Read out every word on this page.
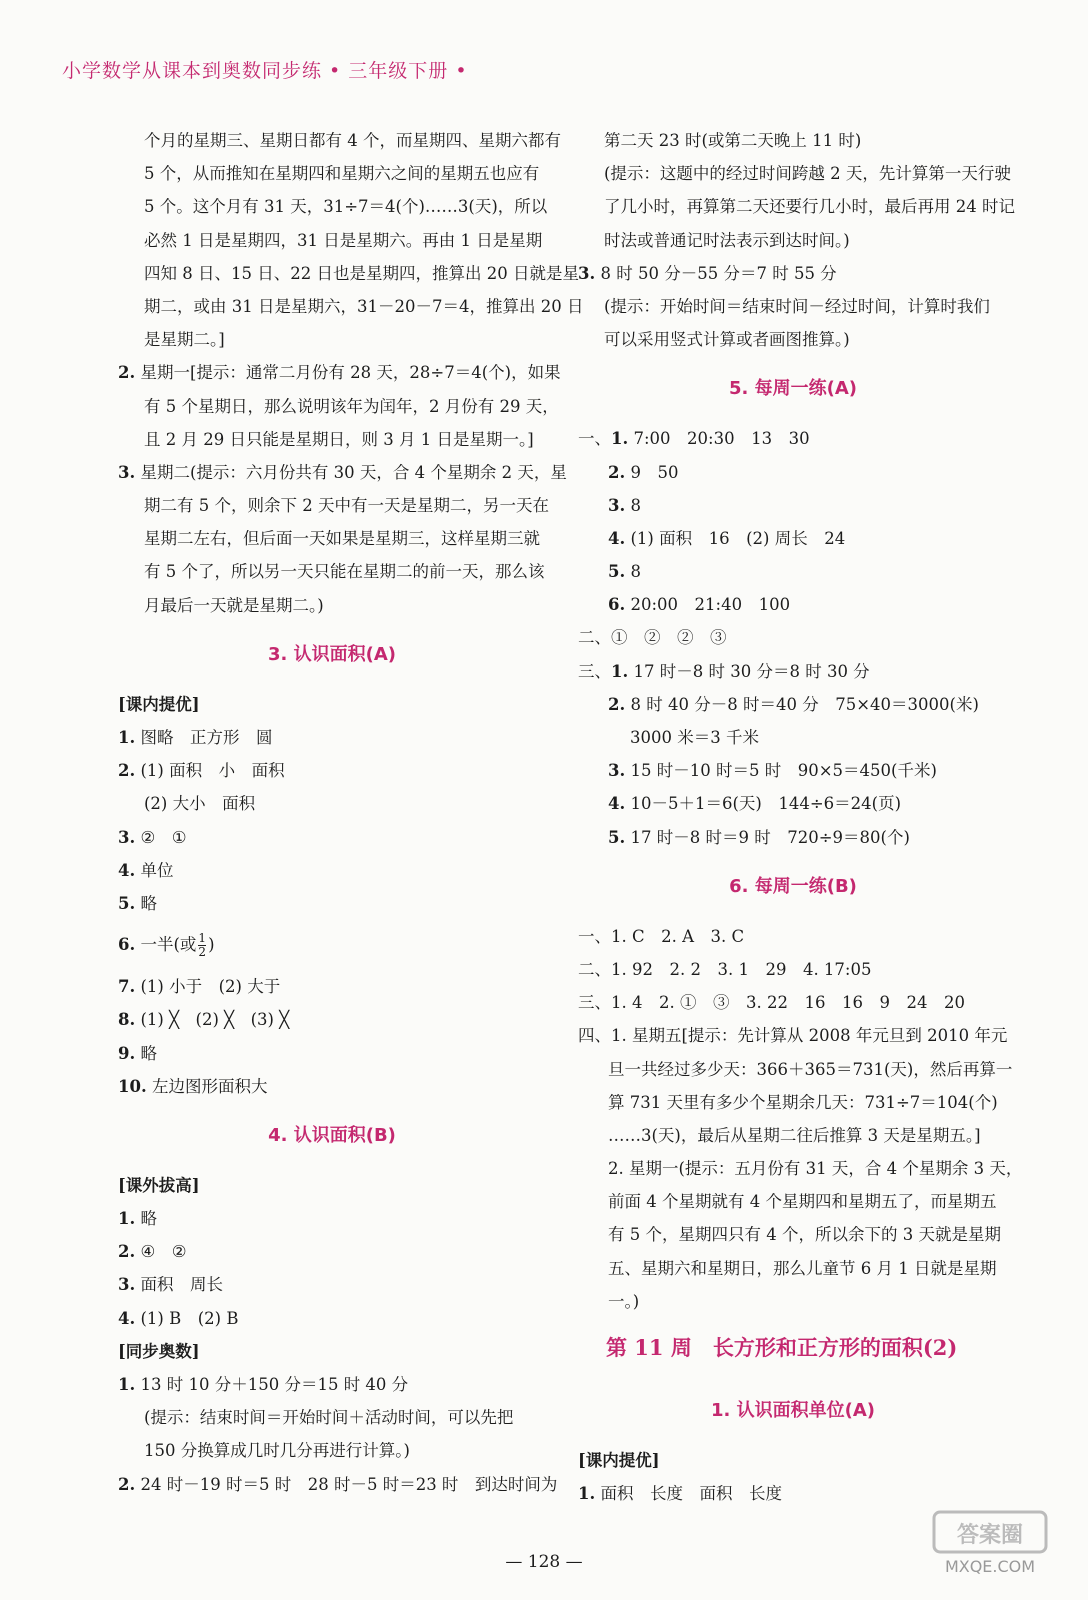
小学数学从课本到奥数同步练 • 三年级下册 •
个月的星期三、星期日都有 4 个，而星期四、星期六都有
5 个，从而推知在星期四和星期六之间的星期五也应有
5 个。这个月有 31 天，31÷7＝4(个)……3(天)，所以
必然 1 日是星期四，31 日是星期六。再由 1 日是星期
四知 8 日、15 日、22 日也是星期四，推算出 20 日就是星
期二，或由 31 日是星期六，31－20－7＝4，推算出 20 日
是星期二。]
2. 星期一[提示：通常二月份有 28 天，28÷7＝4(个)，如果
有 5 个星期日，那么说明该年为闰年，2 月份有 29 天，
且 2 月 29 日只能是星期日，则 3 月 1 日是星期一。]
3. 星期二(提示：六月份共有 30 天，合 4 个星期余 2 天，星
期二有 5 个，则余下 2 天中有一天是星期二，另一天在
星期二左右，但后面一天如果是星期三，这样星期三就
有 5 个了，所以另一天只能在星期二的前一天，那么该
月最后一天就是星期二。)
3. 认识面积(A)
[课内提优]
1. 图略　正方形　圆
2. (1) 面积　小　面积
(2) 大小　面积
3. ②　①
4. 单位
5. 略
6. 一半(或 $\frac{1}{2}$ )
7. (1) 小于　(2) 大于
8. (1) ╳　(2) ╳　(3) ╳
9. 略
10. 左边图形面积大
4. 认识面积(B)
[课外拔高]
1. 略
2. ④　②
3. 面积　周长
4. (1) B　(2) B
[同步奥数]
1. 13 时 10 分＋150 分＝15 时 40 分
(提示：结束时间＝开始时间＋活动时间，可以先把
150 分换算成几时几分再进行计算。)
2. 24 时－19 时＝5 时　28 时－5 时＝23 时　到达时间为
第二天 23 时(或第二天晚上 11 时)
(提示：这题中的经过时间跨越 2 天，先计算第一天行驶
了几小时，再算第二天还要行几小时，最后再用 24 时记
时法或普通记时法表示到达时间。)
3. 8 时 50 分－55 分＝7 时 55 分
(提示：开始时间＝结束时间－经过时间，计算时我们
可以采用竖式计算或者画图推算。)
5. 每周一练(A)
一、1. 7:00　20:30　13　30
2. 9　50
3. 8
4. (1) 面积　16　(2) 周长　24
5. 8
6. 20:00　21:40　100
二、①　②　②　③
三、1. 17 时－8 时 30 分＝8 时 30 分
2. 8 时 40 分－8 时＝40 分　75×40＝3000(米)
3000 米＝3 千米
3. 15 时－10 时＝5 时　90×5＝450(千米)
4. 10－5＋1＝6(天)　144÷6＝24(页)
5. 17 时－8 时＝9 时　720÷9＝80(个)
6. 每周一练(B)
一、1. C　2. A　3. C
二、1. 92　2. 2　3. 1　29　4. 17:05
三、1. 4　2. ①　③　3. 22　16　16　9　24　20
四、1. 星期五[提示：先计算从 2008 年元旦到 2010 年元
旦一共经过多少天：366＋365＝731(天)，然后再算一
算 731 天里有多少个星期余几天：731÷7＝104(个)
……3(天)，最后从星期二往后推算 3 天是星期五。]
2. 星期一(提示：五月份有 31 天，合 4 个星期余 3 天，
前面 4 个星期就有 4 个星期四和星期五了，而星期五
有 5 个，星期四只有 4 个，所以余下的 3 天就是星期
五、星期六和星期日，那么儿童节 6 月 1 日就是星期
一。)
第 11 周　长方形和正方形的面积(2)
1. 认识面积单位(A)
[课内提优]
1. 面积　长度　面积　长度
— 128 —
答案圈
MXQE.COM
